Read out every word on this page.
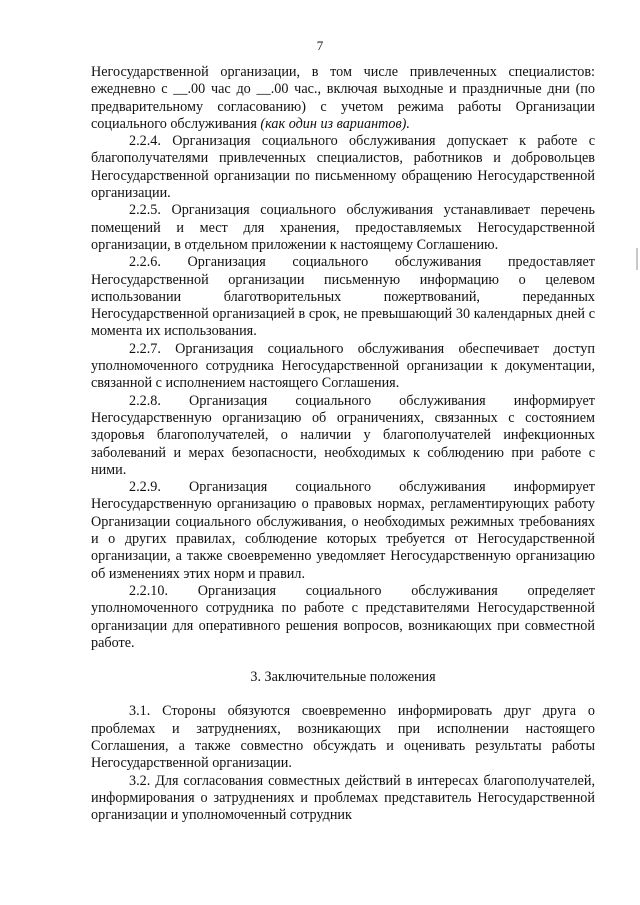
7

Негосударственной организации, в том числе привлеченных специалистов: ежедневно с __.00 час до __.00 час., включая выходные и праздничные дни (по предварительному согласованию) с учетом режима работы Организации социального обслуживания (как один из вариантов).

2.2.4. Организация социального обслуживания допускает к работе с благополучателями привлеченных специалистов, работников и добровольцев Негосударственной организации по письменному обращению Негосударственной организации.

2.2.5. Организация социального обслуживания устанавливает перечень помещений и мест для хранения, предоставляемых Негосударственной организации, в отдельном приложении к настоящему Соглашению.

2.2.6. Организация социального обслуживания предоставляет Негосударственной организации письменную информацию о целевом использовании благотворительных пожертвований, переданных Негосударственной организацией в срок, не превышающий 30 календарных дней с момента их использования.

2.2.7. Организация социального обслуживания обеспечивает доступ уполномоченного сотрудника Негосударственной организации к документации, связанной с исполнением настоящего Соглашения.

2.2.8. Организация социального обслуживания информирует Негосударственную организацию об ограничениях, связанных с состоянием здоровья благополучателей, о наличии у благополучателей инфекционных заболеваний и мерах безопасности, необходимых к соблюдению при работе с ними.

2.2.9. Организация социального обслуживания информирует Негосударственную организацию о правовых нормах, регламентирующих работу Организации социального обслуживания, о необходимых режимных требованиях и о других правилах, соблюдение которых требуется от Негосударственной организации, а также своевременно уведомляет Негосударственную организацию об изменениях этих норм и правил.

2.2.10. Организация социального обслуживания определяет уполномоченного сотрудника по работе с представителями Негосударственной организации для оперативного решения вопросов, возникающих при совместной работе.

3. Заключительные положения

3.1. Стороны обязуются своевременно информировать друг друга о проблемах и затруднениях, возникающих при исполнении настоящего Соглашения, а также совместно обсуждать и оценивать результаты работы Негосударственной организации.

3.2. Для согласования совместных действий в интересах благополучателей, информирования о затруднениях и проблемах представитель Негосударственной организации и уполномоченный сотрудник
